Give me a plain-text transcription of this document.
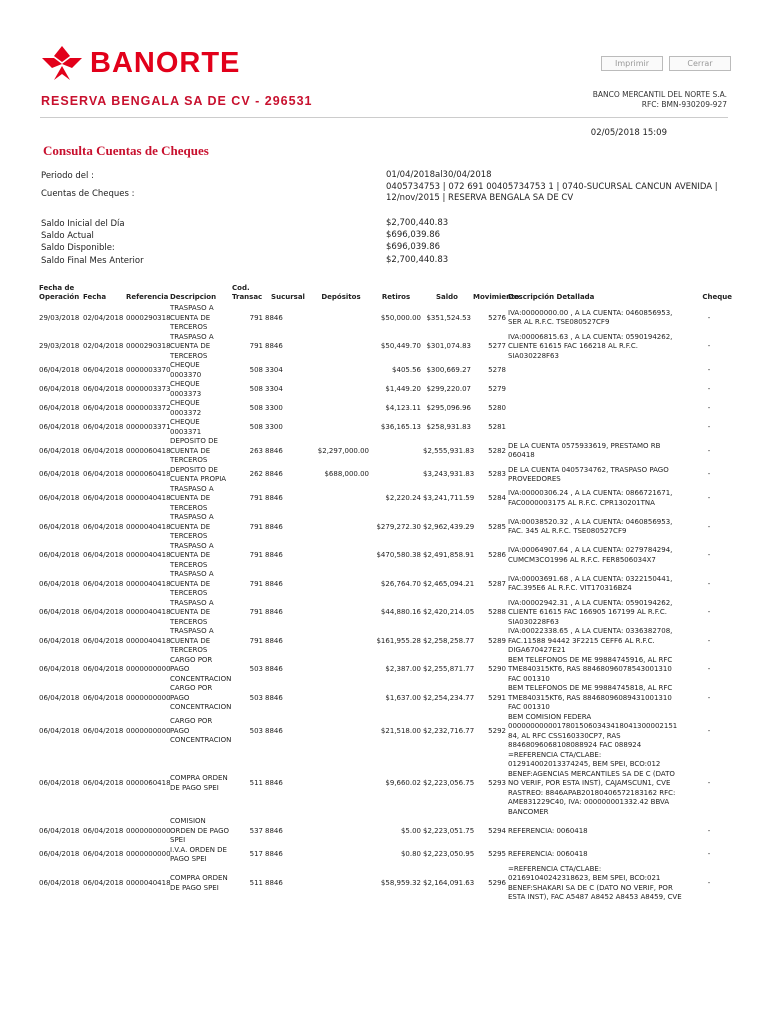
BANORTE	Imprimir	Cerrar
RESERVA BENGALA SA DE CV - 296531	BANCO MERCANTIL DEL NORTE S.A.
RFC: BMN-930209-927
02/05/2018 15:09
Consulta Cuentas de Cheques
Periodo del :	01/04/2018al30/04/2018
Cuentas de Cheques :
0405734753 | 072 691 00405734753 1 | 0740-SUCURSAL CANCUN AVENIDA | 12/nov/2015 | RESERVA BENGALA SA DE CV
Saldo Inicial del Día	$2,700,440.83
Saldo Actual	$696,039.86
Saldo Disponible:	$696,039.86
Saldo Final Mes Anterior	$2,700,440.83
Fecha de Operación	Fecha	Referencia	Descripcion	Cod. Transac	Sucursal	Depósitos	Retiros	Saldo	Movimiento	Descripción Detallada	Cheque
29/03/2018	02/04/2018	0000290318	TRASPASO A CUENTA DE TERCEROS	791	8846		$50,000.00	$351,524.53	5276	IVA:00000000.00 , A LA CUENTA: 0460856953, SER AL R.F.C. TSE080527CF9	-
29/03/2018	02/04/2018	0000290318	TRASPASO A CUENTA DE TERCEROS	791	8846		$50,449.70	$301,074.83	5277	IVA:00006815.63 , A LA CUENTA: 0590194262, CLIENTE 61615 FAC 166218 AL R.F.C. SIA030228F63	-
06/04/2018	06/04/2018	0000003370	CHEQUE 0003370	508	3304		$405.56	$300,669.27	5278		-
06/04/2018	06/04/2018	0000003373	CHEQUE 0003373	508	3304		$1,449.20	$299,220.07	5279		-
06/04/2018	06/04/2018	0000003372	CHEQUE 0003372	508	3300		$4,123.11	$295,096.96	5280		-
06/04/2018	06/04/2018	0000003371	CHEQUE 0003371	508	3300		$36,165.13	$258,931.83	5281		-
06/04/2018	06/04/2018	0000060418	DEPOSITO DE CUENTA DE TERCEROS	263	8846	$2,297,000.00		$2,555,931.83	5282	DE LA CUENTA 0575933619, PRESTAMO RB 060418	-
06/04/2018	06/04/2018	0000060418	DEPOSITO DE CUENTA PROPIA	262	8846	$688,000.00		$3,243,931.83	5283	DE LA CUENTA 0405734762, TRASPASO PAGO PROVEEDORES	-
06/04/2018	06/04/2018	0000040418	TRASPASO A CUENTA DE TERCEROS	791	8846		$2,220.24	$3,241,711.59	5284	IVA:00000306.24 , A LA CUENTA: 0866721671, FAC0000003175 AL R.F.C. CPR130201TNA	-
06/04/2018	06/04/2018	0000040418	TRASPASO A CUENTA DE TERCEROS	791	8846		$279,272.30	$2,962,439.29	5285	IVA:00038520.32 , A LA CUENTA: 0460856953, FAC. 345 AL R.F.C. TSE080527CF9	-
06/04/2018	06/04/2018	0000040418	TRASPASO A CUENTA DE TERCEROS	791	8846		$470,580.38	$2,491,858.91	5286	IVA:00064907.64 , A LA CUENTA: 0279784294, CUMCM3CO1996 AL R.F.C. FER8506034X7	-
06/04/2018	06/04/2018	0000040418	TRASPASO A CUENTA DE TERCEROS	791	8846		$26,764.70	$2,465,094.21	5287	IVA:00003691.68 , A LA CUENTA: 0322150441, FAC.395E6 AL R.F.C. VIT170316BZ4	-
06/04/2018	06/04/2018	0000040418	TRASPASO A CUENTA DE TERCEROS	791	8846		$44,880.16	$2,420,214.05	5288	IVA:00002942.31 , A LA CUENTA: 0590194262, CLIENTE 61615 FAC 166905 167199 AL R.F.C. SIA030228F63	-
06/04/2018	06/04/2018	0000040418	TRASPASO A CUENTA DE TERCEROS	791	8846		$161,955.28	$2,258,258.77	5289	IVA:00022338.65 , A LA CUENTA: 0336382708, FAC.11588 94442 3F2215 CEFF6 AL R.F.C. DIGA670427E21	-
06/04/2018	06/04/2018	0000000000	CARGO POR PAGO CONCENTRACION	503	8846		$2,387.00	$2,255,871.77	5290	BEM TELEFONOS DE ME 99884745916, AL RFC TME840315KT6, RAS 88468096078543001310 FAC 001310	-
06/04/2018	06/04/2018	0000000000	CARGO POR PAGO CONCENTRACION	503	8846		$1,637.00	$2,254,234.77	5291	BEM TELEFONOS DE ME 99884745818, AL RFC TME840315KT6, RAS 88468096089431001310 FAC 001310	-
06/04/2018	06/04/2018	0000000000	CARGO POR PAGO CONCENTRACION	503	8846		$21,518.00	$2,232,716.77	5292	BEM COMISION FEDERA 00000000000178015060343418041300002151 84, AL RFC CSS160330CP7, RAS 88468096068108088924 FAC 088924	-
06/04/2018	06/04/2018	0000060418	COMPRA ORDEN DE PAGO SPEI	511	8846		$9,660.02	$2,223,056.75	5293	=REFERENCIA CTA/CLABE: 012914002013374245, BEM SPEI, BCO:012 BENEF:AGENCIAS MERCANTILES SA DE C (DATO NO VERIF, POR ESTA INST), CAJAMSCUN1, CVE RASTREO: 8846APAB20180406572183162 RFC: AME831229C40, IVA: 000000001332.42 BBVA BANCOMER	-
06/04/2018	06/04/2018	0000000000	COMISION ORDEN DE PAGO SPEI	537	8846		$5.00	$2,223,051.75	5294	REFERENCIA: 0060418	-
06/04/2018	06/04/2018	0000000000	I.V.A. ORDEN DE PAGO SPEI	517	8846		$0.80	$2,223,050.95	5295	REFERENCIA: 0060418	-
06/04/2018	06/04/2018	0000040418	COMPRA ORDEN DE PAGO SPEI	511	8846		$58,959.32	$2,164,091.63	5296	=REFERENCIA CTA/CLABE: 021691040242318623, BEM SPEI, BCO:021 BENEF:SHAKARI SA DE C (DATO NO VERIF, POR ESTA INST), FAC A5487 A8452 A8453 A8459, CVE	-
